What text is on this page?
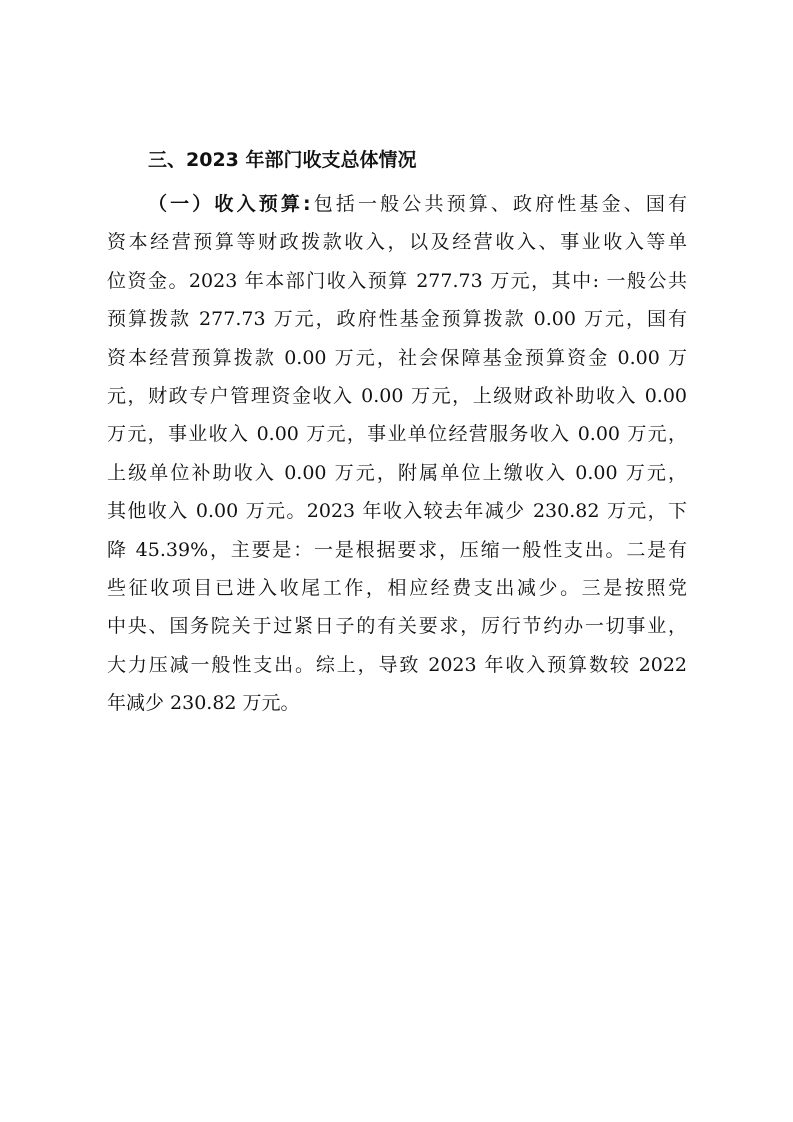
三、2023 年部门收支总体情况
（一）收入预算:包括一般公共预算、政府性基金、国有
资本经营预算等财政拨款收入，以及经营收入、事业收入等单
位资金。2023 年本部门收入预算 277.73 万元，其中: 一般公共
预算拨款 277.73 万元，政府性基金预算拨款 0.00 万元，国有
资本经营预算拨款 0.00 万元，社会保障基金预算资金 0.00 万
元，财政专户管理资金收入 0.00 万元，上级财政补助收入 0.00
万元，事业收入 0.00 万元，事业单位经营服务收入 0.00 万元，
上级单位补助收入 0.00 万元，附属单位上缴收入 0.00 万元，
其他收入 0.00 万元。2023 年收入较去年减少 230.82 万元，下
降 45.39%，主要是：一是根据要求，压缩一般性支出。二是有
些征收项目已进入收尾工作，相应经费支出减少。三是按照党
中央、国务院关于过紧日子的有关要求，厉行节约办一切事业，
大力压减一般性支出。综上，导致 2023 年收入预算数较 2022
年减少 230.82 万元。
